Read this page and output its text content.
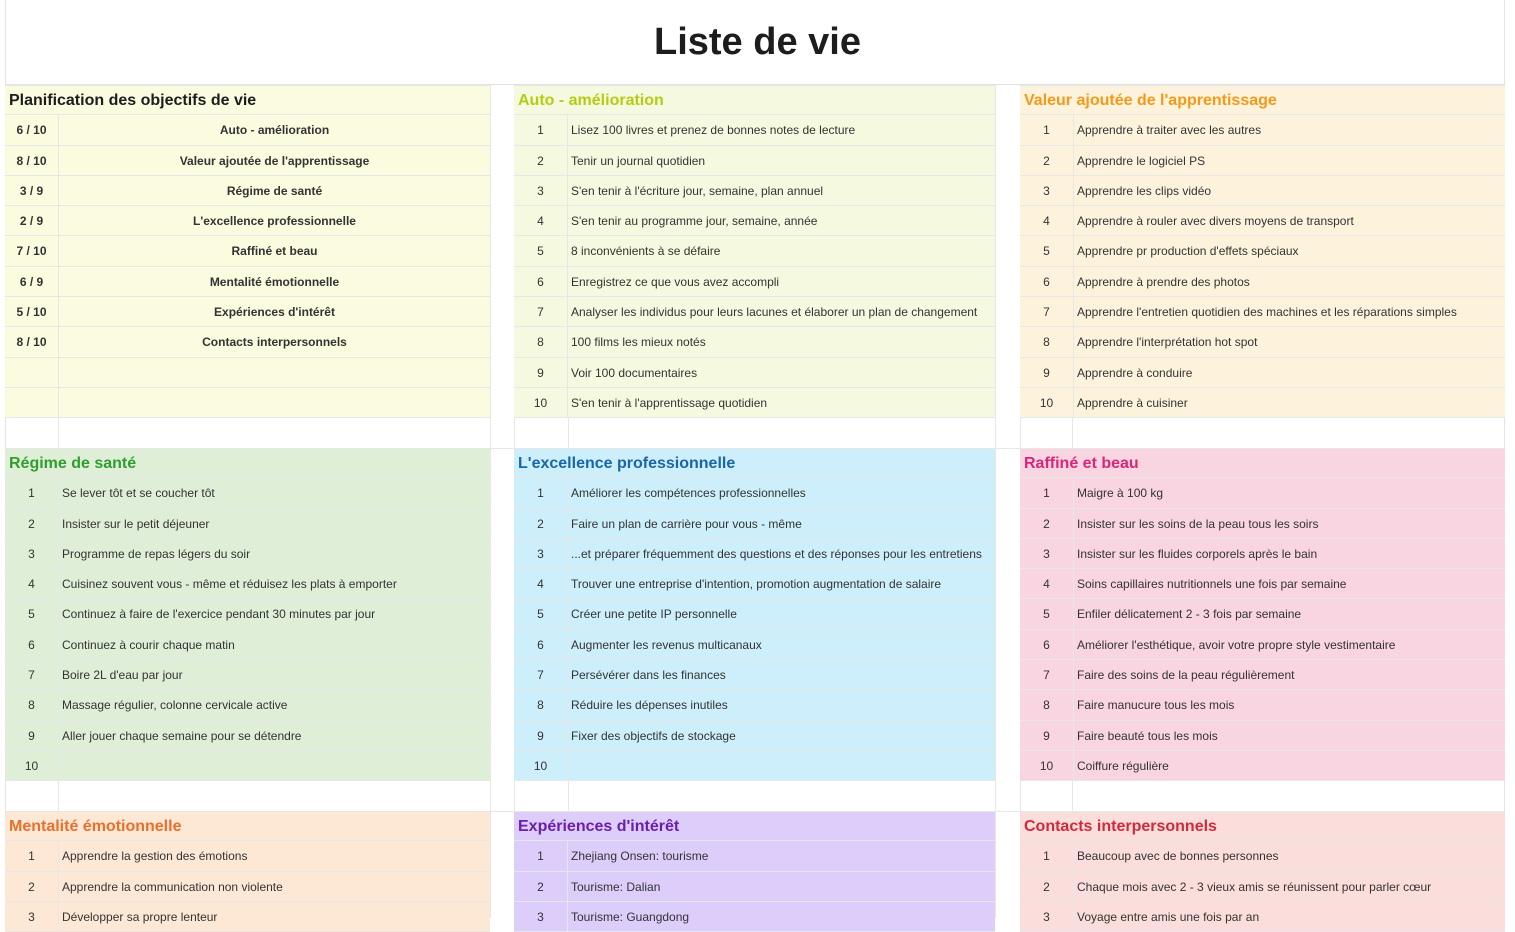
Liste de vie
Planification des objectifs de vie
6 / 10	Auto - amélioration
8 / 10	Valeur ajoutée de l'apprentissage
3 / 9	Régime de santé
2 / 9	L'excellence professionnelle
7 / 10	Raffiné et beau
6 / 9	Mentalité émotionnelle
5 / 10	Expériences d'intérêt
8 / 10	Contacts interpersonnels
Auto - amélioration
1	Lisez 100 livres et prenez de bonnes notes de lecture
2	Tenir un journal quotidien
3	S'en tenir à l'écriture jour, semaine, plan annuel
4	S'en tenir au programme jour, semaine, année
5	8 inconvénients à se défaire
6	Enregistrez ce que vous avez accompli
7	Analyser les individus pour leurs lacunes et élaborer un plan de changement
8	100 films les mieux notés
9	Voir 100 documentaires
10	S'en tenir à l'apprentissage quotidien
Valeur ajoutée de l'apprentissage
1	Apprendre à traiter avec les autres
2	Apprendre le logiciel PS
3	Apprendre les clips vidéo
4	Apprendre à rouler avec divers moyens de transport
5	Apprendre pr production d'effets spéciaux
6	Apprendre à prendre des photos
7	Apprendre l'entretien quotidien des machines et les réparations simples
8	Apprendre l'interprétation hot spot
9	Apprendre à conduire
10	Apprendre à cuisiner
Régime de santé
1	Se lever tôt et se coucher tôt
2	Insister sur le petit déjeuner
3	Programme de repas légers du soir
4	Cuisinez souvent vous - même et réduisez les plats à emporter
5	Continuez à faire de l'exercice pendant 30 minutes par jour
6	Continuez à courir chaque matin
7	Boire 2L d'eau par jour
8	Massage régulier, colonne cervicale active
9	Aller jouer chaque semaine pour se détendre
10
L'excellence professionnelle
1	Améliorer les compétences professionnelles
2	Faire un plan de carrière pour vous - même
3	...et préparer fréquemment des questions et des réponses pour les entretiens
4	Trouver une entreprise d'intention, promotion augmentation de salaire
5	Créer une petite IP personnelle
6	Augmenter les revenus multicanaux
7	Persévérer dans les finances
8	Réduire les dépenses inutiles
9	Fixer des objectifs de stockage
10
Raffiné et beau
1	Maigre à 100 kg
2	Insister sur les soins de la peau tous les soirs
3	Insister sur les fluides corporels après le bain
4	Soins capillaires nutritionnels une fois par semaine
5	Enfiler délicatement 2 - 3 fois par semaine
6	Améliorer l'esthétique, avoir votre propre style vestimentaire
7	Faire des soins de la peau régulièrement
8	Faire manucure tous les mois
9	Faire beauté tous les mois
10	Coiffure régulière
Mentalité émotionnelle
1	Apprendre la gestion des émotions
2	Apprendre la communication non violente
3	Développer sa propre lenteur
Expériences d'intérêt
1	Zhejiang Onsen: tourisme
2	Tourisme: Dalian
3	Tourisme: Guangdong
Contacts interpersonnels
1	Beaucoup avec de bonnes personnes
2	Chaque mois avec 2 - 3 vieux amis se réunissent pour parler cœur
3	Voyage entre amis une fois par an
